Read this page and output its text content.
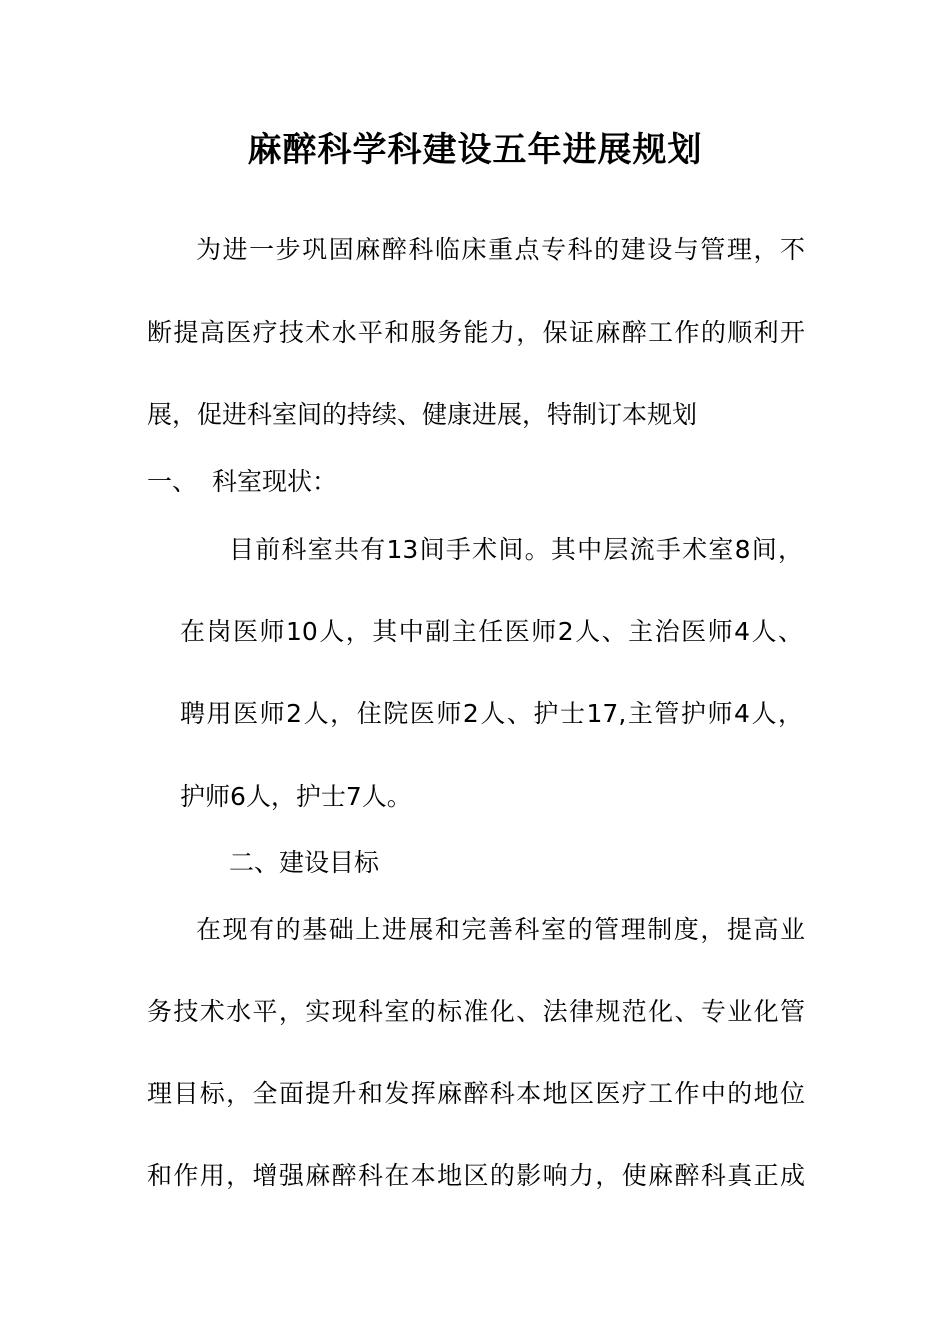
麻醉科学科建设五年进展规划
为进一步巩固麻醉科临床重点专科的建设与管理，不
断提高医疗技术水平和服务能力，保证麻醉工作的顺利开
展，促进科室间的持续、健康进展，特制订本规划
一、 科室现状：
目前科室共有13间手术间。其中层流手术室8间，
在岗医师10人，其中副主任医师2人、主治医师4人、
聘用医师2人，住院医师2人、护士17,主管护师4人，
护师6人，护士7人。
二、建设目标
在现有的基础上进展和完善科室的管理制度，提高业
务技术水平，实现科室的标准化、法律规范化、专业化管
理目标，全面提升和发挥麻醉科本地区医疗工作中的地位
和作用，增强麻醉科在本地区的影响力，使麻醉科真正成
